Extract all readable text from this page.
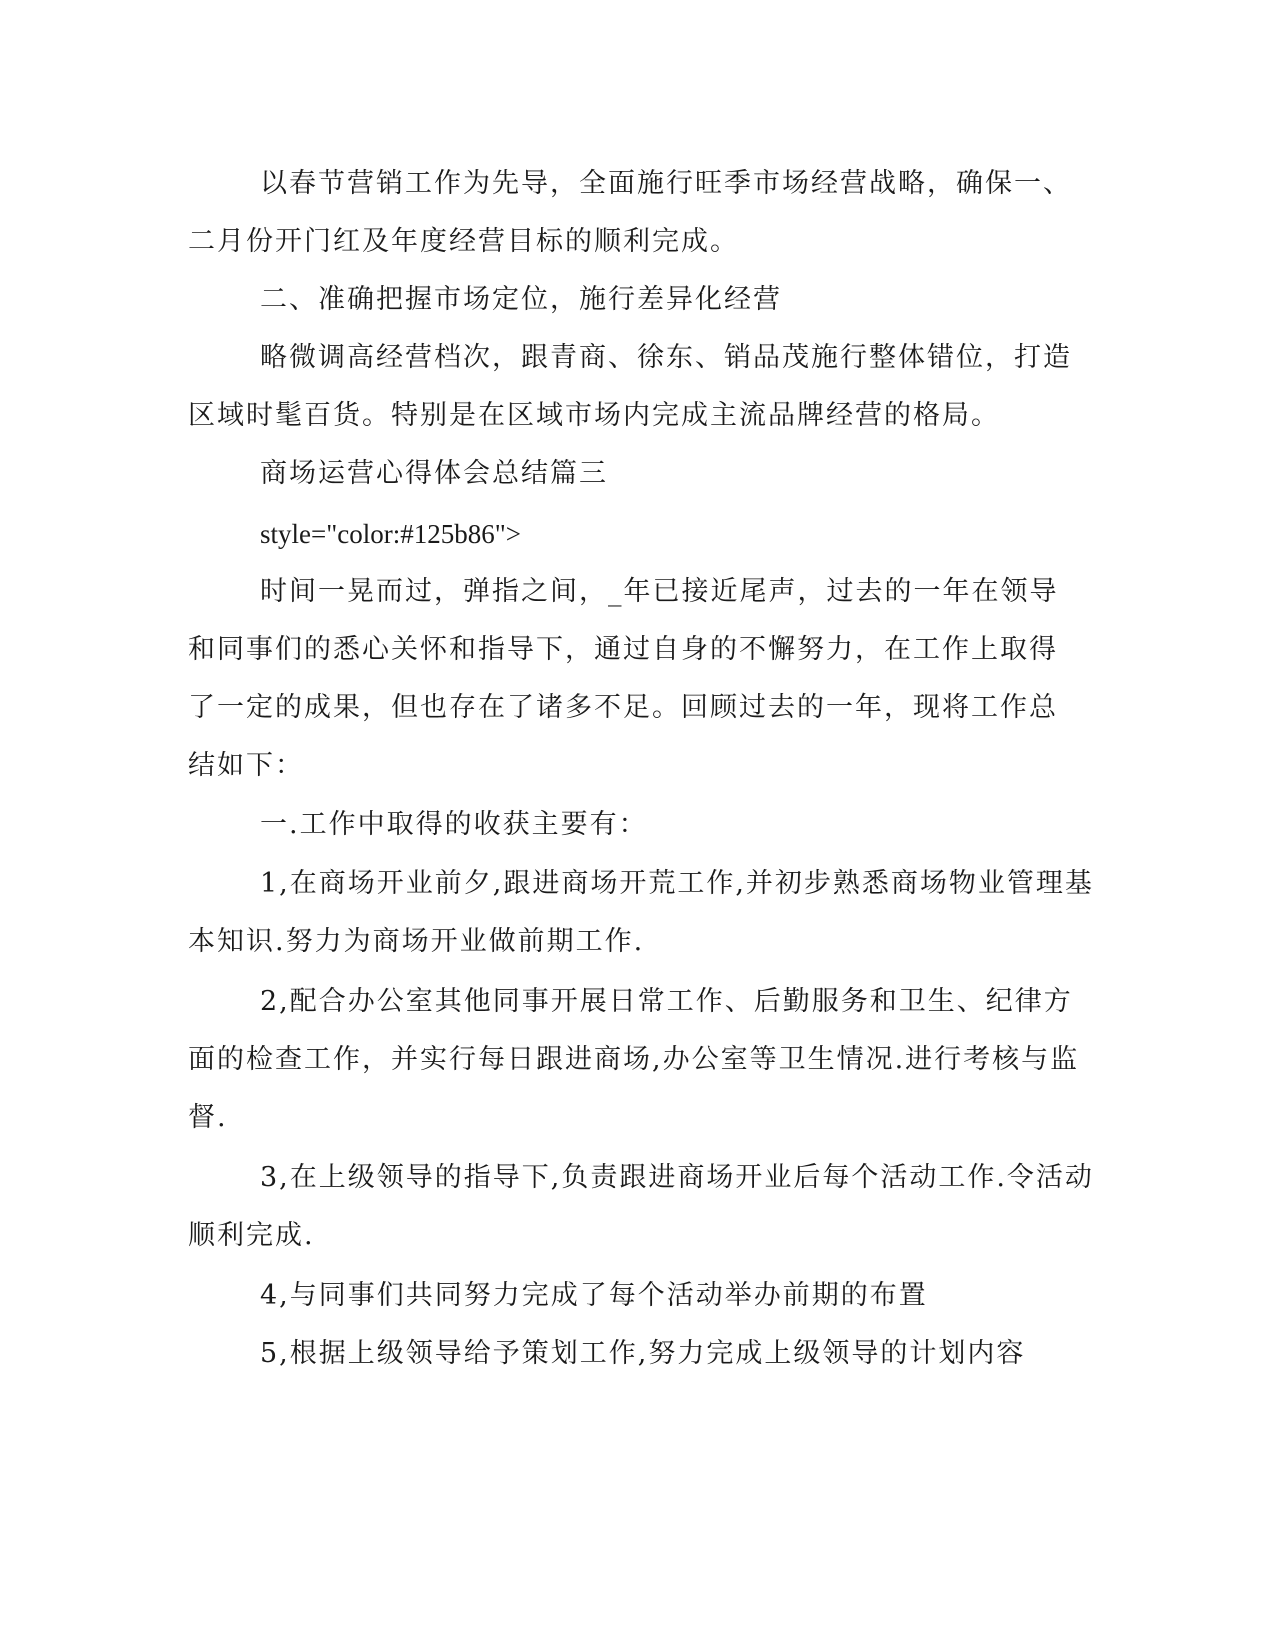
以春节营销工作为先导，全面施行旺季市场经营战略，确保一、
二月份开门红及年度经营目标的顺利完成。
二、准确把握市场定位，施行差异化经营
略微调高经营档次，跟青商、徐东、销品茂施行整体错位，打造
区域时髦百货。特别是在区域市场内完成主流品牌经营的格局。
商场运营心得体会总结篇三
style="color:#125b86">
时间一晃而过，弹指之间，_年已接近尾声，过去的一年在领导
和同事们的悉心关怀和指导下，通过自身的不懈努力，在工作上取得
了一定的成果，但也存在了诸多不足。回顾过去的一年，现将工作总
结如下：
一.工作中取得的收获主要有：
1,在商场开业前夕,跟进商场开荒工作,并初步熟悉商场物业管理基
本知识.努力为商场开业做前期工作.
2,配合办公室其他同事开展日常工作、后勤服务和卫生、纪律方
面的检查工作，并实行每日跟进商场,办公室等卫生情况.进行考核与监
督.
3,在上级领导的指导下,负责跟进商场开业后每个活动工作.令活动
顺利完成.
4,与同事们共同努力完成了每个活动举办前期的布置
5,根据上级领导给予策划工作,努力完成上级领导的计划内容
